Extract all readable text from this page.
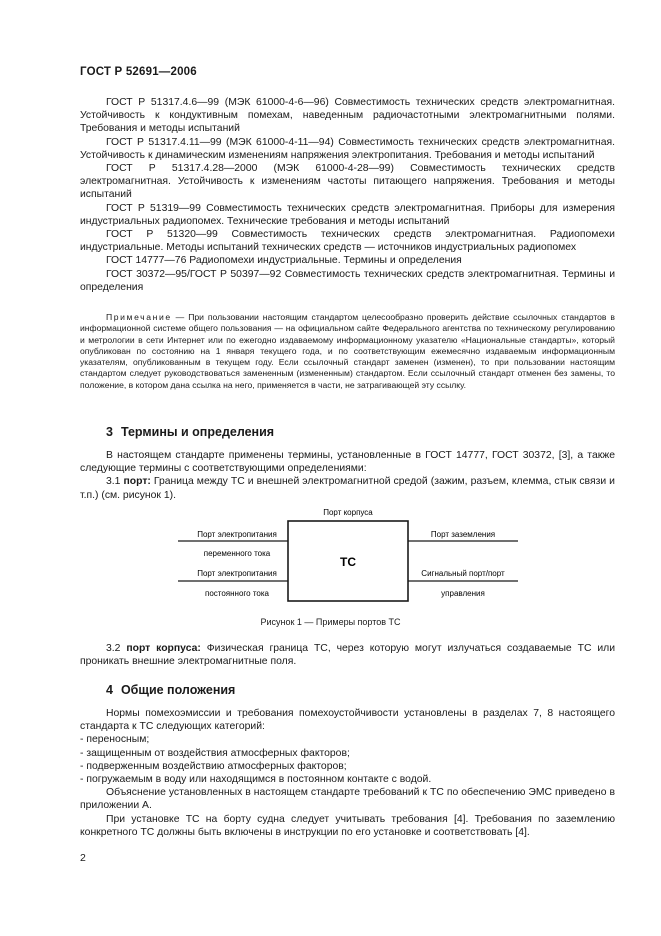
ГОСТ Р 52691—2006

ГОСТ Р 51317.4.6—99 (МЭК 61000-4-6—96) Совместимость технических средств электромагнитная. Устойчивость к кондуктивным помехам, наведенным радиочастотными электромагнитными полями. Требования и методы испытаний

ГОСТ Р 51317.4.11—99 (МЭК 61000-4-11—94) Совместимость технических средств электромагнитная. Устойчивость к динамическим изменениям напряжения электропитания. Требования и методы испытаний

ГОСТ Р 51317.4.28—2000 (МЭК 61000-4-28—99) Совместимость технических средств электромагнитная. Устойчивость к изменениям частоты питающего напряжения. Требования и методы испытаний

ГОСТ Р 51319—99 Совместимость технических средств электромагнитная. Приборы для измерения индустриальных радиопомех. Технические требования и методы испытаний

ГОСТ Р 51320—99 Совместимость технических средств электромагнитная. Радиопомехи индустриальные. Методы испытаний технических средств — источников индустриальных радиопомех

ГОСТ 14777—76 Радиопомехи индустриальные. Термины и определения

ГОСТ 30372—95/ГОСТ Р 50397—92 Совместимость технических средств электромагнитная. Термины и определения

Примечание — При пользовании настоящим стандартом целесообразно проверить действие ссылочных стандартов в информационной системе общего пользования — на официальном сайте Федерального агентства по техническому регулированию и метрологии в сети Интернет или по ежегодно издаваемому информационному указателю «Национальные стандарты», который опубликован по состоянию на 1 января текущего года, и по соответствующим ежемесячно издаваемым информационным указателям, опубликованным в текущем году. Если ссылочный стандарт заменен (изменен), то при пользовании настоящим стандартом следует руководствоваться замененным (измененным) стандартом. Если ссылочный стандарт отменен без замены, то положение, в котором дана ссылка на него, применяется в части, не затрагивающей эту ссылку.

3 Термины и определения

В настоящем стандарте применены термины, установленные в ГОСТ 14777, ГОСТ 30372, [3], а также следующие термины с соответствующими определениями:

3.1 порт: Граница между ТС и внешней электромагнитной средой (зажим, разъем, клемма, стык связи и т.п.) (см. рисунок 1).

Порт корпуса
ТС
Порт электропитания
переменного тока
Порт электропитания
постоянного тока
Порт заземления
Сигнальный порт/порт
управления
Рисунок 1 — Примеры портов ТС

3.2 порт корпуса: Физическая граница ТС, через которую могут излучаться создаваемые ТС или проникать внешние электромагнитные поля.

4 Общие положения

Нормы помехоэмиссии и требования помехоустойчивости установлены в разделах 7, 8 настоящего стандарта к ТС следующих категорий:

- переносным;

- защищенным от воздействия атмосферных факторов;

- подверженным воздействию атмосферных факторов;

- погружаемым в воду или находящимся в постоянном контакте с водой.

Объяснение установленных в настоящем стандарте требований к ТС по обеспечению ЭМС приведено в приложении А.

При установке ТС на борту судна следует учитывать требования [4]. Требования по заземлению конкретного ТС должны быть включены в инструкции по его установке и соответствовать [4].

2
